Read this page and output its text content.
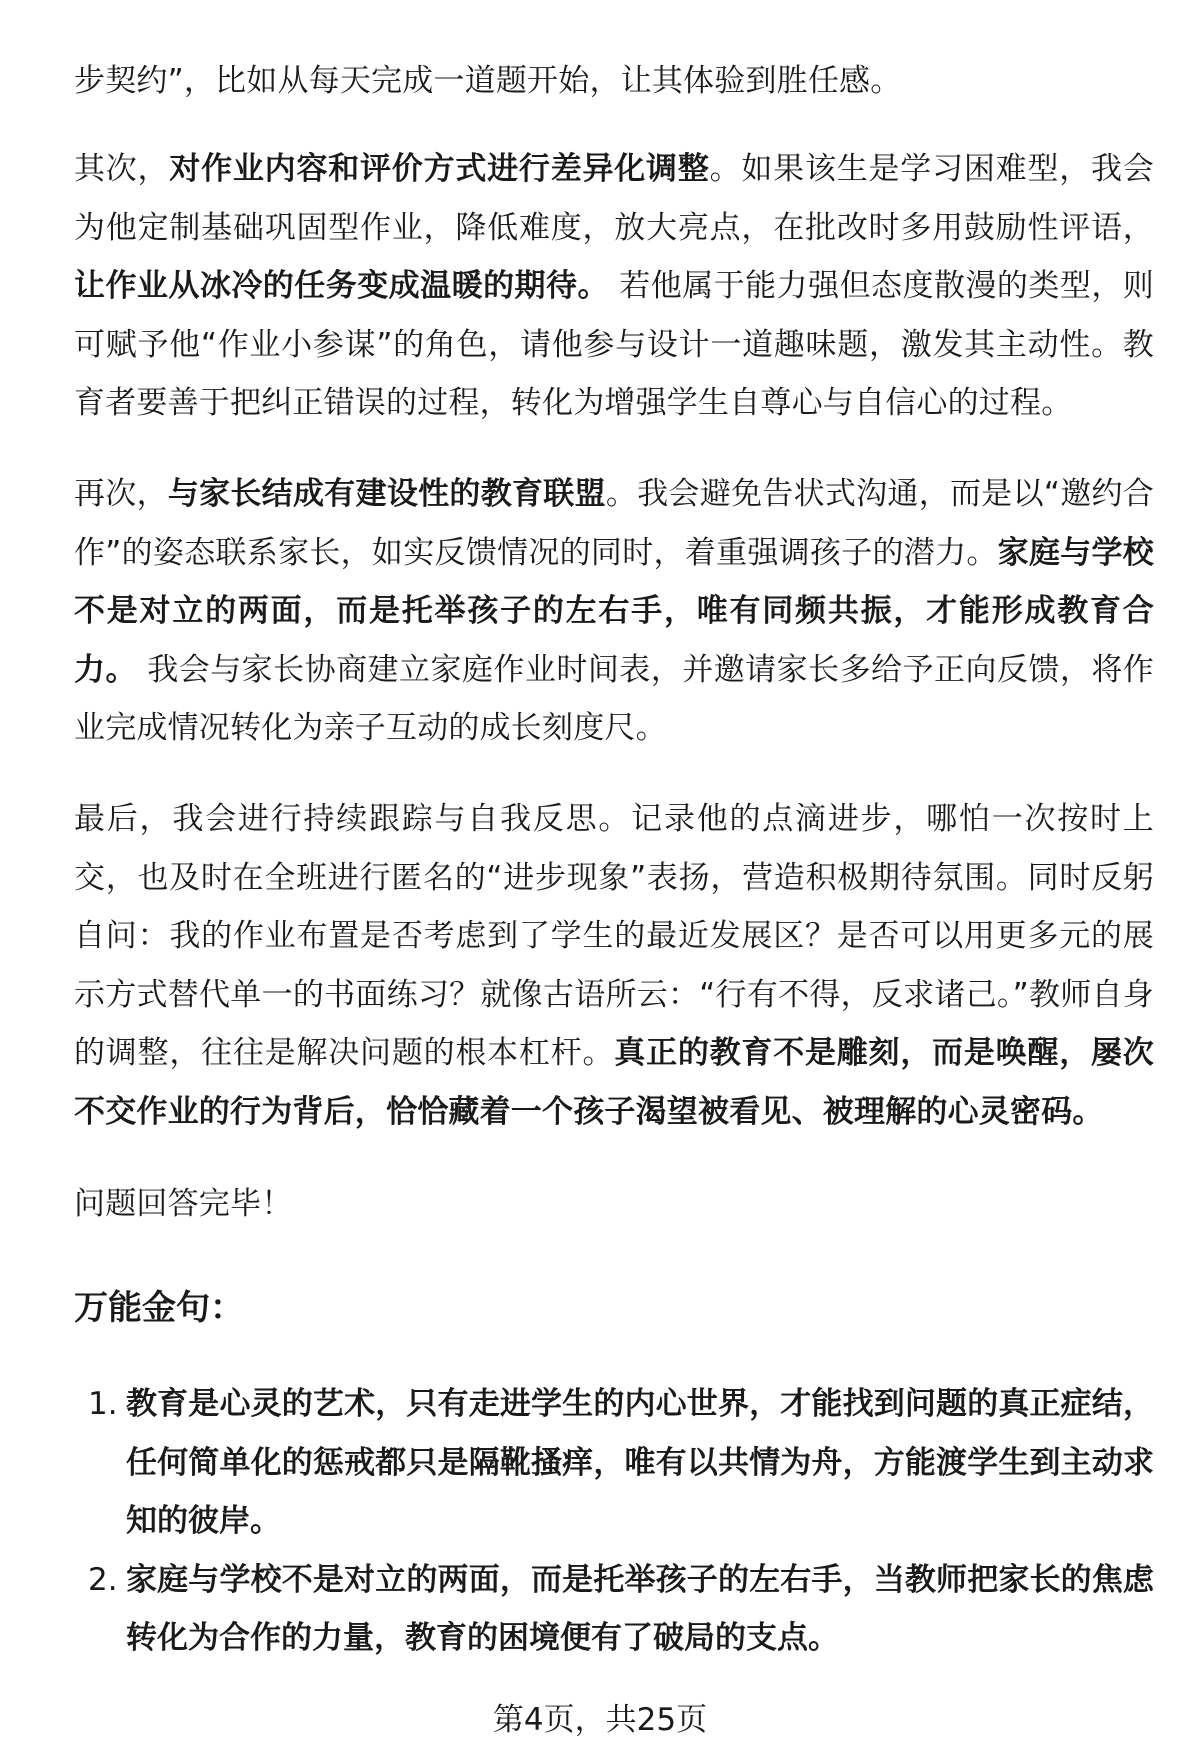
步契约”，比如从每天完成一道题开始，让其体验到胜任感。

其次，对作业内容和评价方式进行差异化调整。如果该生是学习困难型，我会为他定制基础巩固型作业，降低难度，放大亮点，在批改时多用鼓励性评语，让作业从冰冷的任务变成温暖的期待。 若他属于能力强但态度散漫的类型，则可赋予他“作业小参谋”的角色，请他参与设计一道趣味题，激发其主动性。教育者要善于把纠正错误的过程，转化为增强学生自尊心与自信心的过程。

再次，与家长结成有建设性的教育联盟。我会避免告状式沟通，而是以“邀约合作”的姿态联系家长，如实反馈情况的同时，着重强调孩子的潜力。家庭与学校不是对立的两面，而是托举孩子的左右手，唯有同频共振，才能形成教育合力。 我会与家长协商建立家庭作业时间表，并邀请家长多给予正向反馈，将作业完成情况转化为亲子互动的成长刻度尺。

最后，我会进行持续跟踪与自我反思。记录他的点滴进步，哪怕一次按时上交，也及时在全班进行匿名的“进步现象”表扬，营造积极期待氛围。同时反躬自问：我的作业布置是否考虑到了学生的最近发展区？是否可以用更多元的展示方式替代单一的书面练习？就像古语所云：“行有不得，反求诸己。”教师自身的调整，往往是解决问题的根本杠杆。真正的教育不是雕刻，而是唤醒，屡次不交作业的行为背后，恰恰藏着一个孩子渴望被看见、被理解的心灵密码。

问题回答完毕！

万能金句：
1. 教育是心灵的艺术，只有走进学生的内心世界，才能找到问题的真正症结，任何简单化的惩戒都只是隔靴搔痒，唯有以共情为舟，方能渡学生到主动求知的彼岸。
2. 家庭与学校不是对立的两面，而是托举孩子的左右手，当教师把家长的焦虑转化为合作的力量，教育的困境便有了破局的支点。
第4页，共25页
